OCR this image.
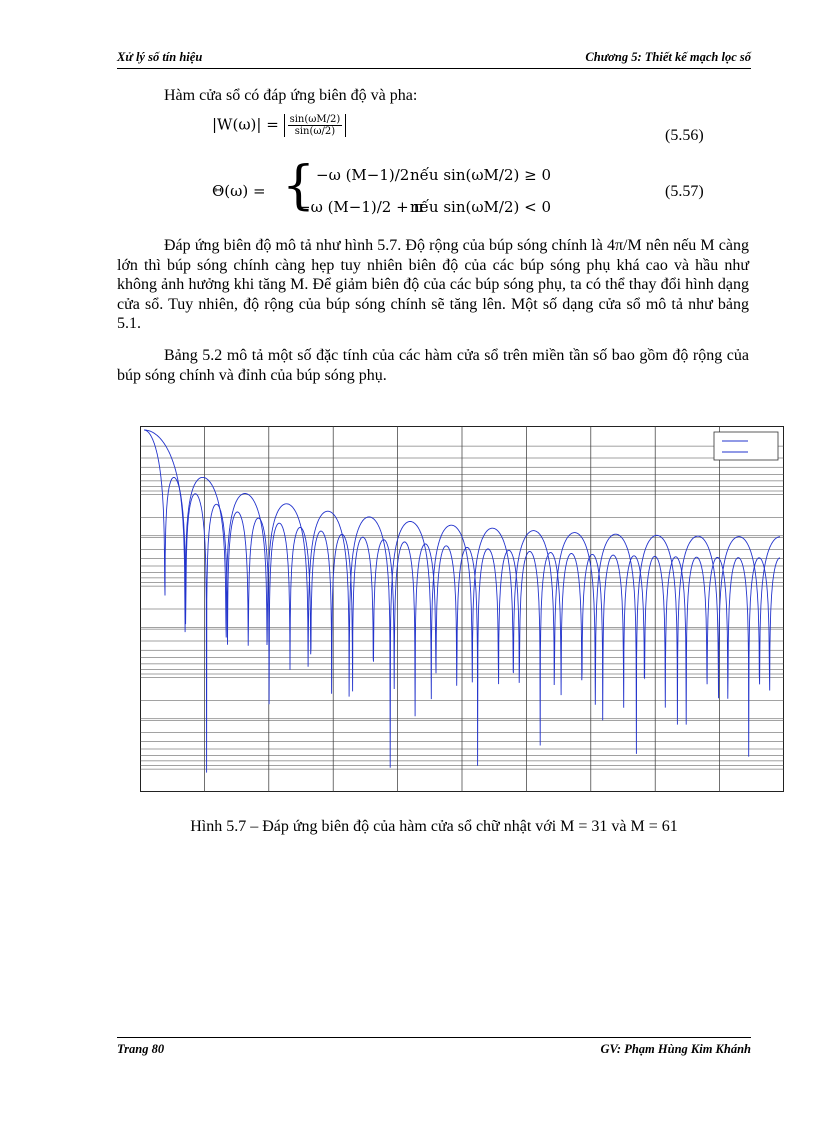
Xử lý số tín hiệu	Chương 5: Thiết kế mạch lọc số

Hàm cửa sổ có đáp ứng biên độ và pha:

$|W(\omega)| = \frac{\sin(\omega M/2)}{\sin(\omega/2)}$	(5.56)
Θ(ω) = { −ω (M−1)/2 nếu sin(ωM/2) ≥ 0
−ω (M−1)/2 + π
nếu sin(ωM/2) < 0
(5.57)

Đáp ứng biên độ mô tả như hình 5.7. Độ rộng của búp sóng chính là 4π/M nên nếu M càng lớn thì búp sóng chính càng hẹp tuy nhiên biên độ của các búp sóng phụ khá cao và hầu như không ảnh hưởng khi tăng M. Để giảm biên độ của các búp sóng phụ, ta có thể thay đổi hình dạng cửa sổ. Tuy nhiên, độ rộng của búp sóng chính sẽ tăng lên. Một số dạng cửa sổ mô tả như bảng 5.1.

Bảng 5.2 mô tả một số đặc tính của các hàm cửa sổ trên miền tần số bao gồm độ rộng của búp sóng chính và đỉnh của búp sóng phụ.

Hình 5.7 – Đáp ứng biên độ của hàm cửa sổ chữ nhật với M = 31 và M = 61
Trang 80	GV: Phạm Hùng Kim Khánh
